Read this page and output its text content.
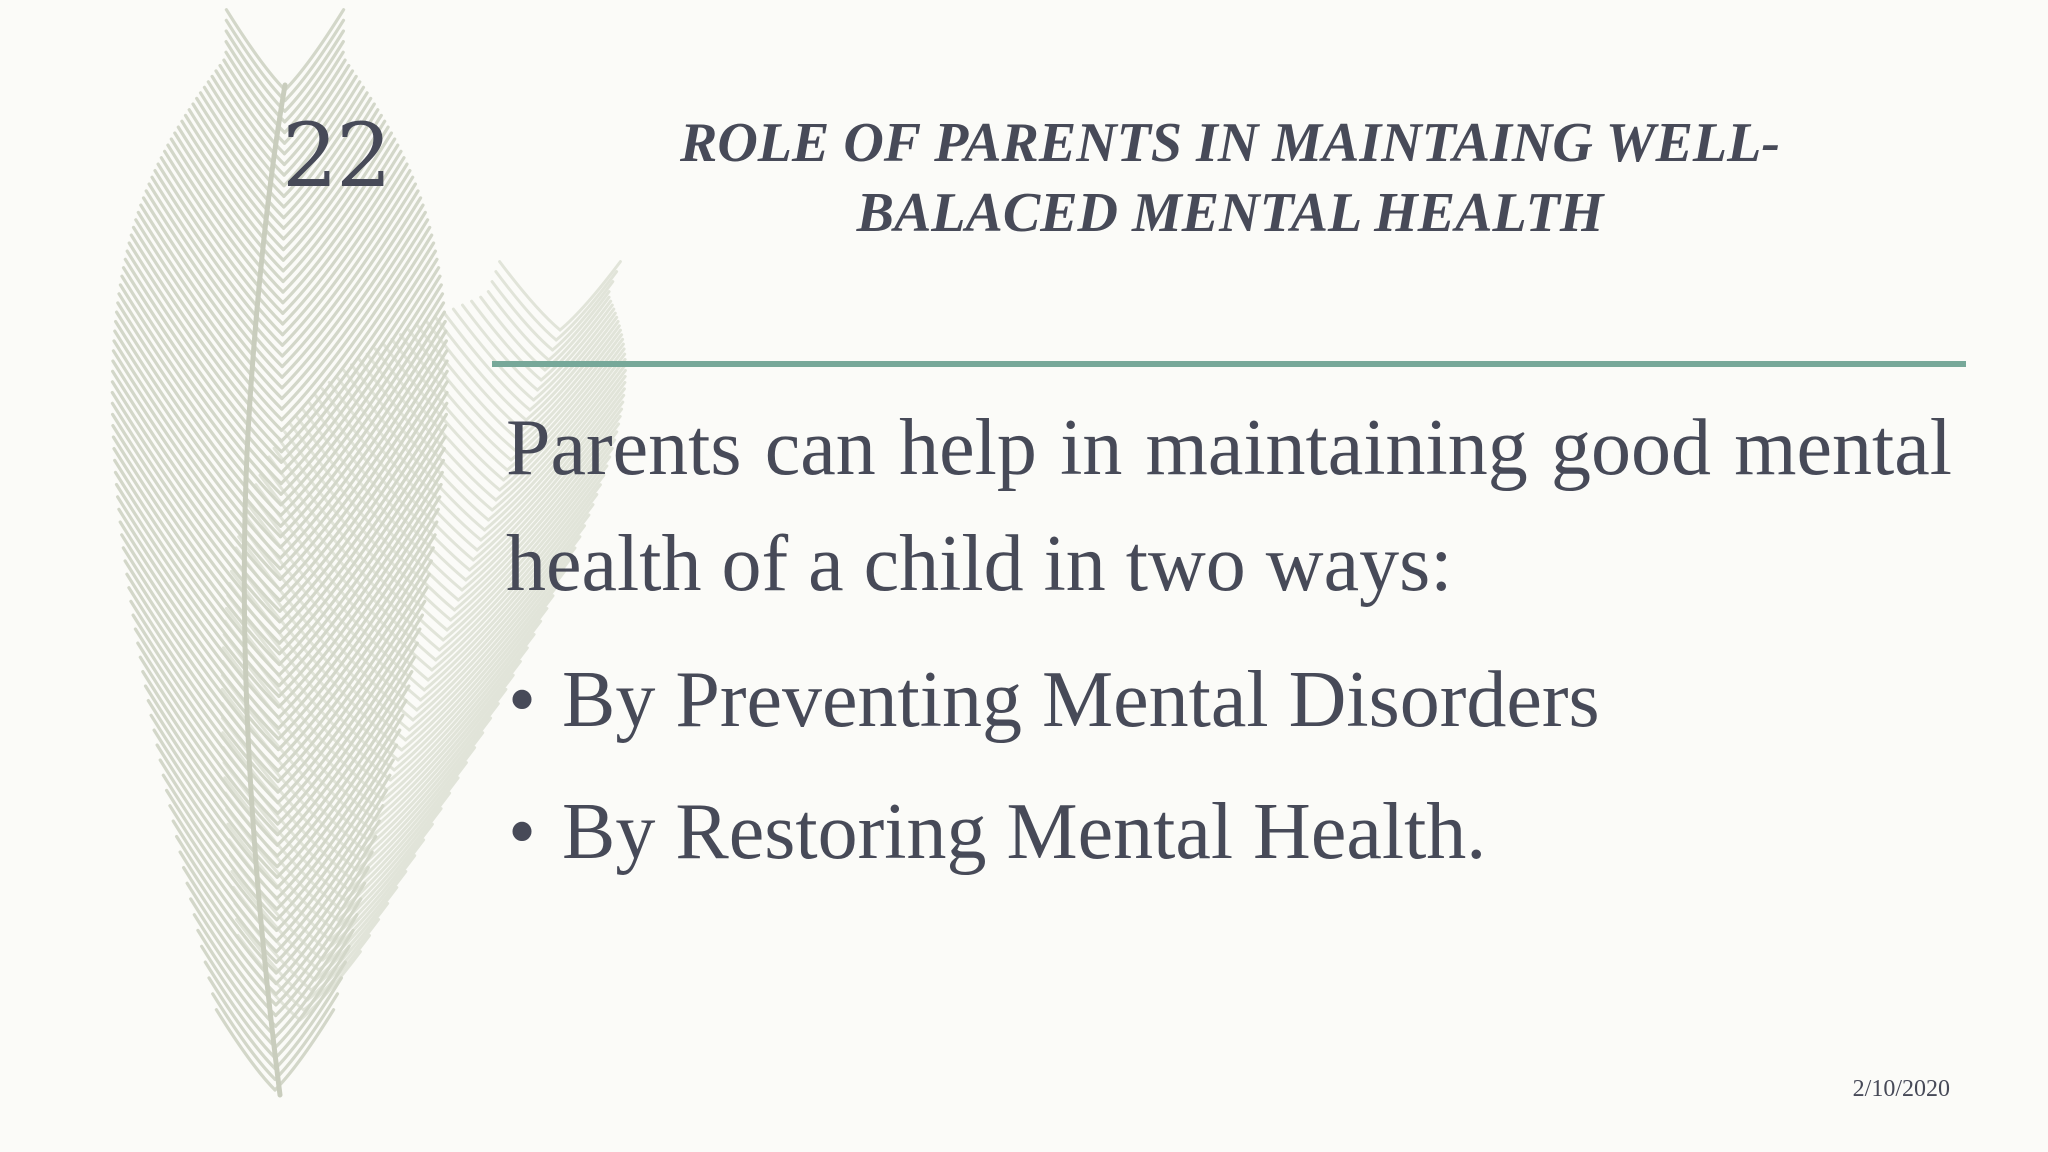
22	ROLE OF PARENTS IN MAINTAING WELL-BALACED MENTAL HEALTH

Parents can help in maintaining good mental health of a child in two ways:

• By Preventing Mental Disorders
• By Restoring Mental Health.
2/10/2020
